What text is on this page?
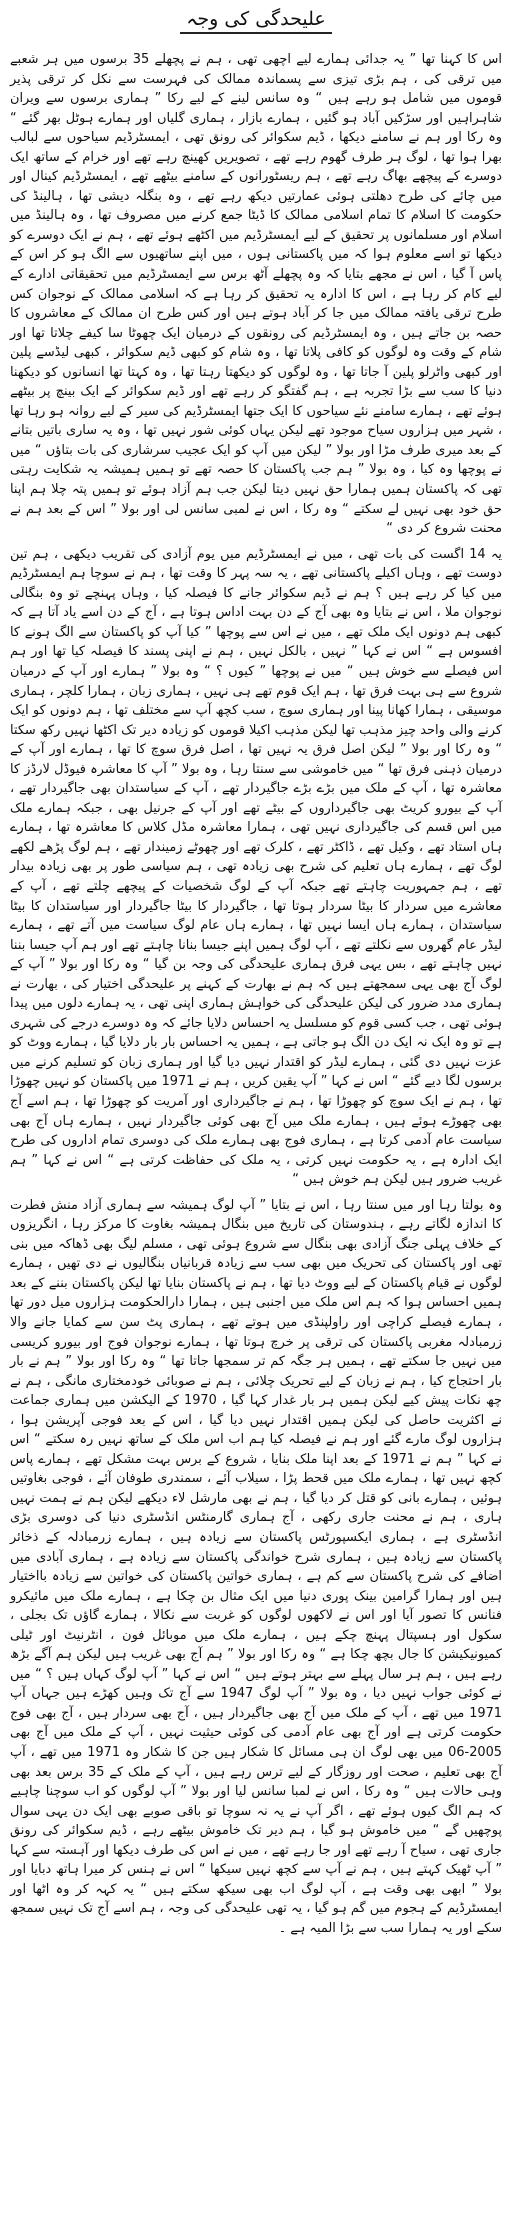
علیحدگی کی وجہ

اس کا کہنا تھا ” یہ جدائی ہمارے لیے اچھی تھی ، ہم نے پچھلے 35 برسوں میں ہر شعبے میں ترقی کی ، ہم بڑی تیزی سے پسماندہ ممالک کی فہرست سے نکل کر ترقی پذیر قوموں میں شامل ہو رہے ہیں “ وہ سانس لینے کے لیے رکا ” ہماری برسوں سے ویران شاہراہیں اور سڑکیں آباد ہو گئیں ، ہمارے بازار ، ہماری گلیاں اور ہمارے ہوٹل بھر گئے “ وہ رکا اور ہم نے سامنے دیکھا ، ڈیم سکوائر کی رونق تھی ، ایمسٹرڈیم سیاحوں سے لبالب بھرا ہوا تھا ، لوگ ہر طرف گھوم رہے تھے ، تصویریں کھینچ رہے تھے اور خرام کے ساتھ ایک دوسرے کے پیچھے بھاگ رہے تھے ، ہم ریسٹورانوں کے سامنے بیٹھے تھے ، ایمسٹرڈیم کینال اور میں چائے کی طرح دھلتی ہوئی عمارتیں دیکھ رہے تھے ، وہ بنگلہ دیشی تھا ، ہالینڈ کی حکومت کا اسلام کا تمام اسلامی ممالک کا ڈیٹا جمع کرنے میں مصروف تھا ، وہ ہالینڈ میں اسلام اور مسلمانوں پر تحقیق کے لیے ایمسٹرڈیم میں اکٹھے ہوئے تھے ، ہم نے ایک دوسرے کو دیکھا تو اسے معلوم ہوا کہ میں پاکستانی ہوں ، میں اپنے ساتھیوں سے الگ ہو کر اس کے پاس آ گیا ، اس نے مجھے بتایا کہ وہ پچھلے آٹھ برس سے ایمسٹرڈیم میں تحقیقاتی ادارے کے لیے کام کر رہا ہے ، اس کا ادارہ یہ تحقیق کر رہا ہے کہ اسلامی ممالک کے نوجوان کس طرح ترقی یافتہ ممالک میں جا کر آباد ہوتے ہیں اور کس طرح ان ممالک کے معاشروں کا حصہ بن جاتے ہیں ، وہ ایمسٹرڈیم کی رونقوں کے درمیان ایک چھوٹا سا کیفے چلاتا تھا اور شام کے وقت وہ لوگوں کو کافی پلاتا تھا ، وہ شام کو کبھی ڈیم سکوائر ، کبھی لیڈسے پلین اور کبھی واٹرلو پلین آ جاتا تھا ، وہ لوگوں کو دیکھتا رہتا تھا ، وہ کہتا تھا انسانوں کو دیکھنا دنیا کا سب سے بڑا تجربہ ہے ، ہم گفتگو کر رہے تھے اور ڈیم سکوائر کے ایک بینچ پر بیٹھے ہوئے تھے ، ہمارے سامنے نئے سیاحوں کا ایک جتھا ایمسٹرڈیم کی سیر کے لیے روانہ ہو رہا تھا ، شہر میں ہزاروں سیاح موجود تھے لیکن یہاں کوئی شور نہیں تھا ، وہ یہ ساری باتیں بتانے کے بعد میری طرف مڑا اور بولا ” لیکن میں آپ کو ایک عجیب سرشاری کی بات بتاؤں “ میں نے پوچھا وہ کیا ، وہ بولا ” ہم جب پاکستان کا حصہ تھے تو ہمیں ہمیشہ یہ شکایت رہتی تھی کہ پاکستان ہمیں ہمارا حق نہیں دیتا لیکن جب ہم آزاد ہوئے تو ہمیں پتہ چلا ہم اپنا حق خود بھی نہیں لے سکتے “ وہ رکا ، اس نے لمبی سانس لی اور بولا ” اس کے بعد ہم نے محنت شروع کر دی “

یہ 14 اگست کی بات تھی ، میں نے ایمسٹرڈیم میں یوم آزادی کی تقریب دیکھی ، ہم تین دوست تھے ، وہاں اکیلے پاکستانی تھے ، یہ سہ پہر کا وقت تھا ، ہم نے سوچا ہم ایمسٹرڈیم میں کیا کر رہے ہیں ؟ ہم نے ڈیم سکوائر جانے کا فیصلہ کیا ، وہاں پہنچے تو وہ بنگالی نوجوان ملا ، اس نے بتایا وہ بھی آج کے دن بہت اداس ہوتا ہے ، آج کے دن اسے یاد آتا ہے کہ کبھی ہم دونوں ایک ملک تھے ، میں نے اس سے پوچھا ” کیا آپ کو پاکستان سے الگ ہونے کا افسوس ہے “ اس نے کہا ” نہیں ، بالکل نہیں ، ہم نے اپنی پسند کا فیصلہ کیا تھا اور ہم اس فیصلے سے خوش ہیں “ میں نے پوچھا ” کیوں ؟ “ وہ بولا ” ہمارے اور آپ کے درمیان شروع سے ہی بہت فرق تھا ، ہم ایک قوم تھے ہی نہیں ، ہماری زبان ، ہمارا کلچر ، ہماری موسیقی ، ہمارا کھانا پینا اور ہماری سوچ ، سب کچھ آپ سے مختلف تھا ، ہم دونوں کو ایک کرنے والی واحد چیز مذہب تھا لیکن مذہب اکیلا قوموں کو زیادہ دیر تک اکٹھا نہیں رکھ سکتا “ وہ رکا اور بولا ” لیکن اصل فرق یہ نہیں تھا ، اصل فرق سوچ کا تھا ، ہمارے اور آپ کے درمیان ذہنی فرق تھا “ میں خاموشی سے سنتا رہا ، وہ بولا ” آپ کا معاشرہ فیوڈل لارڈز کا معاشرہ تھا ، آپ کے ملک میں بڑے بڑے جاگیردار تھے ، آپ کے سیاستدان بھی جاگیردار تھے ، آپ کے بیورو کریٹ بھی جاگیرداروں کے بیٹے تھے اور آپ کے جرنیل بھی ، جبکہ ہمارے ملک میں اس قسم کی جاگیرداری نہیں تھی ، ہمارا معاشرہ مڈل کلاس کا معاشرہ تھا ، ہمارے ہاں استاد تھے ، وکیل تھے ، ڈاکٹر تھے ، کلرک تھے اور چھوٹے زمیندار تھے ، ہم لوگ پڑھے لکھے لوگ تھے ، ہمارے ہاں تعلیم کی شرح بھی زیادہ تھی ، ہم سیاسی طور پر بھی زیادہ بیدار تھے ، ہم جمہوریت چاہتے تھے جبکہ آپ کے لوگ شخصیات کے پیچھے چلتے تھے ، آپ کے معاشرے میں سردار کا بیٹا سردار ہوتا تھا ، جاگیردار کا بیٹا جاگیردار اور سیاستدان کا بیٹا سیاستدان ، ہمارے ہاں ایسا نہیں تھا ، ہمارے ہاں عام لوگ سیاست میں آتے تھے ، ہمارے لیڈر عام گھروں سے نکلتے تھے ، آپ لوگ ہمیں اپنے جیسا بنانا چاہتے تھے اور ہم آپ جیسا بننا نہیں چاہتے تھے ، بس یہی فرق ہماری علیحدگی کی وجہ بن گیا “ وہ رکا اور بولا ” آپ کے لوگ آج بھی یہی سمجھتے ہیں کہ ہم نے بھارت کے کہنے پر علیحدگی اختیار کی ، بھارت نے ہماری مدد ضرور کی لیکن علیحدگی کی خواہش ہماری اپنی تھی ، یہ ہمارے دلوں میں پیدا ہوئی تھی ، جب کسی قوم کو مسلسل یہ احساس دلایا جائے کہ وہ دوسرے درجے کی شہری ہے تو وہ ایک نہ ایک دن الگ ہو جاتی ہے ، ہمیں یہ احساس بار بار دلایا گیا ، ہمارے ووٹ کو عزت نہیں دی گئی ، ہمارے لیڈر کو اقتدار نہیں دیا گیا اور ہماری زبان کو تسلیم کرنے میں برسوں لگا دیے گئے “ اس نے کہا ” آپ یقین کریں ، ہم نے 1971 میں پاکستان کو نہیں چھوڑا تھا ، ہم نے ایک سوچ کو چھوڑا تھا ، ہم نے جاگیرداری اور آمریت کو چھوڑا تھا ، ہم اسے آج بھی چھوڑے ہوئے ہیں ، ہمارے ملک میں آج بھی کوئی جاگیردار نہیں ، ہمارے ہاں آج بھی سیاست عام آدمی کرتا ہے ، ہماری فوج بھی ہمارے ملک کی دوسری تمام اداروں کی طرح ایک ادارہ ہے ، یہ حکومت نہیں کرتی ، یہ ملک کی حفاظت کرتی ہے “ اس نے کہا ” ہم غریب ضرور ہیں لیکن ہم خوش ہیں “

وہ بولتا رہا اور میں سنتا رہا ، اس نے بتایا ” آپ لوگ ہمیشہ سے ہماری آزاد منش فطرت کا اندازہ لگاتے رہے ، ہندوستان کی تاریخ میں بنگال ہمیشہ بغاوت کا مرکز رہا ، انگریزوں کے خلاف پہلی جنگ آزادی بھی بنگال سے شروع ہوئی تھی ، مسلم لیگ بھی ڈھاکہ میں بنی تھی اور پاکستان کی تحریک میں بھی سب سے زیادہ قربانیاں بنگالیوں نے دی تھیں ، ہمارے لوگوں نے قیام پاکستان کے لیے ووٹ دیا تھا ، ہم نے پاکستان بنایا تھا لیکن پاکستان بننے کے بعد ہمیں احساس ہوا کہ ہم اس ملک میں اجنبی ہیں ، ہمارا دارالحکومت ہزاروں میل دور تھا ، ہمارے فیصلے کراچی اور راولپنڈی میں ہوتے تھے ، ہماری پٹ سن سے کمایا جانے والا زرمبادلہ مغربی پاکستان کی ترقی پر خرچ ہوتا تھا ، ہمارے نوجوان فوج اور بیورو کریسی میں نہیں جا سکتے تھے ، ہمیں ہر جگہ کم تر سمجھا جاتا تھا “ وہ رکا اور بولا ” ہم نے بار بار احتجاج کیا ، ہم نے زبان کے لیے تحریک چلائی ، ہم نے صوبائی خودمختاری مانگی ، ہم نے چھ نکات پیش کیے لیکن ہمیں ہر بار غدار کہا گیا ، 1970 کے الیکشن میں ہماری جماعت نے اکثریت حاصل کی لیکن ہمیں اقتدار نہیں دیا گیا ، اس کے بعد فوجی آپریشن ہوا ، ہزاروں لوگ مارے گئے اور ہم نے فیصلہ کیا ہم اب اس ملک کے ساتھ نہیں رہ سکتے “ اس نے کہا ” ہم نے 1971 کے بعد اپنا ملک بنایا ، شروع کے برس بہت مشکل تھے ، ہمارے پاس کچھ نہیں تھا ، ہمارے ملک میں قحط پڑا ، سیلاب آئے ، سمندری طوفان آئے ، فوجی بغاوتیں ہوئیں ، ہمارے بانی کو قتل کر دیا گیا ، ہم نے بھی مارشل لاء دیکھے لیکن ہم نے ہمت نہیں ہاری ، ہم نے محنت جاری رکھی ، آج ہماری گارمنٹس انڈسٹری دنیا کی دوسری بڑی انڈسٹری ہے ، ہماری ایکسپورٹس پاکستان سے زیادہ ہیں ، ہمارے زرمبادلہ کے ذخائر پاکستان سے زیادہ ہیں ، ہماری شرح خواندگی پاکستان سے زیادہ ہے ، ہماری آبادی میں اضافے کی شرح پاکستان سے کم ہے ، ہماری خواتین پاکستان کی خواتین سے زیادہ بااختیار ہیں اور ہمارا گرامین بینک پوری دنیا میں ایک مثال بن چکا ہے ، ہمارے ملک میں مائیکرو فنانس کا تصور آیا اور اس نے لاکھوں لوگوں کو غربت سے نکالا ، ہمارے گاؤں تک بجلی ، سکول اور ہسپتال پہنچ چکے ہیں ، ہمارے ملک میں موبائل فون ، انٹرنیٹ اور ٹیلی کمیونیکیشن کا جال بچھ چکا ہے “ وہ رکا اور بولا ” ہم آج بھی غریب ہیں لیکن ہم آگے بڑھ رہے ہیں ، ہم ہر سال پہلے سے بہتر ہوتے ہیں “ اس نے کہا ” آپ لوگ کہاں ہیں ؟ “ میں نے کوئی جواب نہیں دیا ، وہ بولا ” آپ لوگ 1947 سے آج تک وہیں کھڑے ہیں جہاں آپ 1971 میں تھے ، آپ کے ملک میں آج بھی جاگیردار ہیں ، آج بھی سردار ہیں ، آج بھی فوج حکومت کرتی ہے اور آج بھی عام آدمی کی کوئی حیثیت نہیں ، آپ کے ملک میں آج بھی 2005-06 میں بھی لوگ ان ہی مسائل کا شکار ہیں جن کا شکار وہ 1971 میں تھے ، آپ آج بھی تعلیم ، صحت اور روزگار کے لیے ترس رہے ہیں ، آپ کے ملک کے 35 برس بعد بھی وہی حالات ہیں “ وہ رکا ، اس نے لمبا سانس لیا اور بولا ” آپ لوگوں کو اب سوچنا چاہیے کہ ہم الگ کیوں ہوئے تھے ، اگر آپ نے یہ نہ سوچا تو باقی صوبے بھی ایک دن یہی سوال پوچھیں گے “ میں خاموش ہو گیا ، ہم دیر تک خاموش بیٹھے رہے ، ڈیم سکوائر کی رونق جاری تھی ، سیاح آ رہے تھے اور جا رہے تھے ، میں نے اس کی طرف دیکھا اور آہستہ سے کہا ” آپ ٹھیک کہتے ہیں ، ہم نے آپ سے کچھ نہیں سیکھا “ اس نے ہنس کر میرا ہاتھ دبایا اور بولا ” ابھی بھی وقت ہے ، آپ لوگ اب بھی سیکھ سکتے ہیں “ یہ کہہ کر وہ اٹھا اور ایمسٹرڈیم کے ہجوم میں گم ہو گیا ، یہ تھی علیحدگی کی وجہ ، ہم اسے آج تک نہیں سمجھ سکے اور یہ ہمارا سب سے بڑا المیہ ہے ۔
